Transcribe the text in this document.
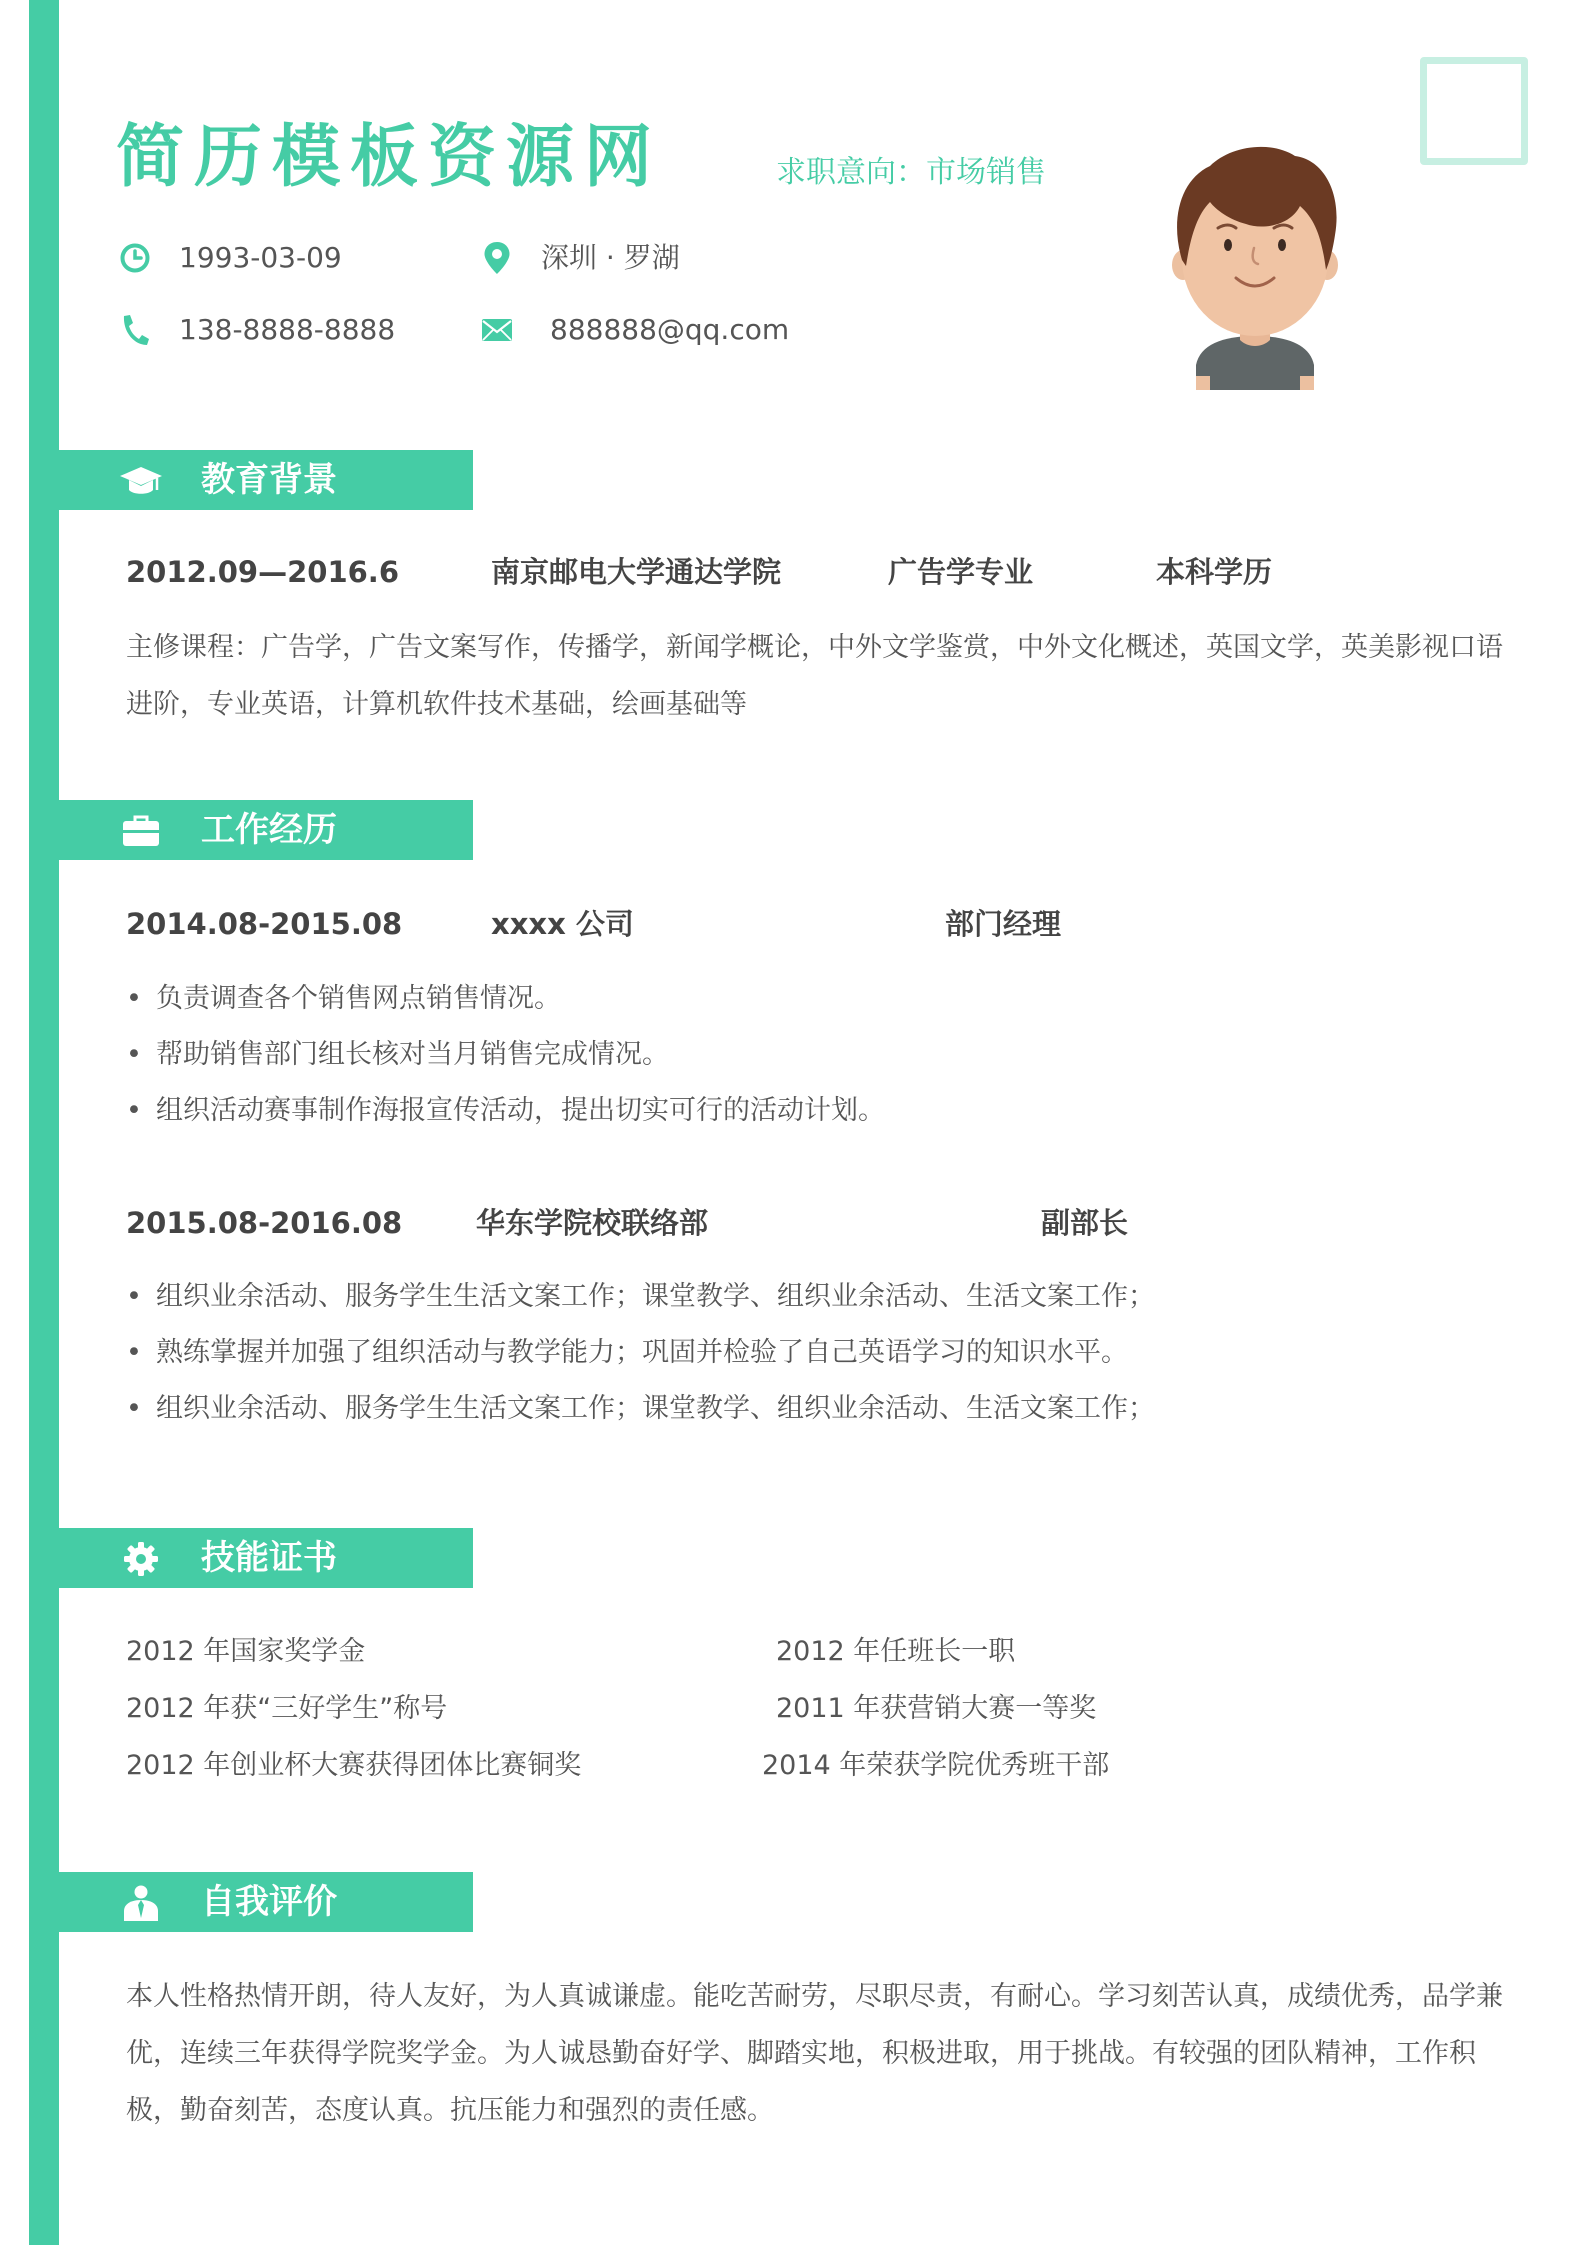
简历模板资源网	求职意向：市场销售
1993-03-09	深圳 · 罗湖
138-8888-8888	888888@qq.com
教育背景
2012.09—2016.6	南京邮电大学通达学院	广告学专业	本科学历
主修课程：广告学，广告文案写作，传播学，新闻学概论，中外文学鉴赏，中外文化概述，英国文学，英美影视口语进阶，专业英语，计算机软件技术基础，绘画基础等
工作经历
2014.08-2015.08	xxxx 公司	部门经理
• 负责调查各个销售网点销售情况。
• 帮助销售部门组长核对当月销售完成情况。
• 组织活动赛事制作海报宣传活动，提出切实可行的活动计划。
2015.08-2016.08	华东学院校联络部	副部长
• 组织业余活动、服务学生生活文案工作；课堂教学、组织业余活动、生活文案工作；
• 熟练掌握并加强了组织活动与教学能力；巩固并检验了自己英语学习的知识水平。
• 组织业余活动、服务学生生活文案工作；课堂教学、组织业余活动、生活文案工作；
技能证书
2012 年国家奖学金	2012 年任班长一职
2012 年获“三好学生”称号	2011 年获营销大赛一等奖
2012 年创业杯大赛获得团体比赛铜奖	2014 年荣获学院优秀班干部
自我评价
本人性格热情开朗，待人友好，为人真诚谦虚。能吃苦耐劳，尽职尽责，有耐心。学习刻苦认真，成绩优秀，品学兼优，连续三年获得学院奖学金。为人诚恳勤奋好学、脚踏实地，积极进取，用于挑战。有较强的团队精神，工作积极，勤奋刻苦，态度认真。抗压能力和强烈的责任感。
